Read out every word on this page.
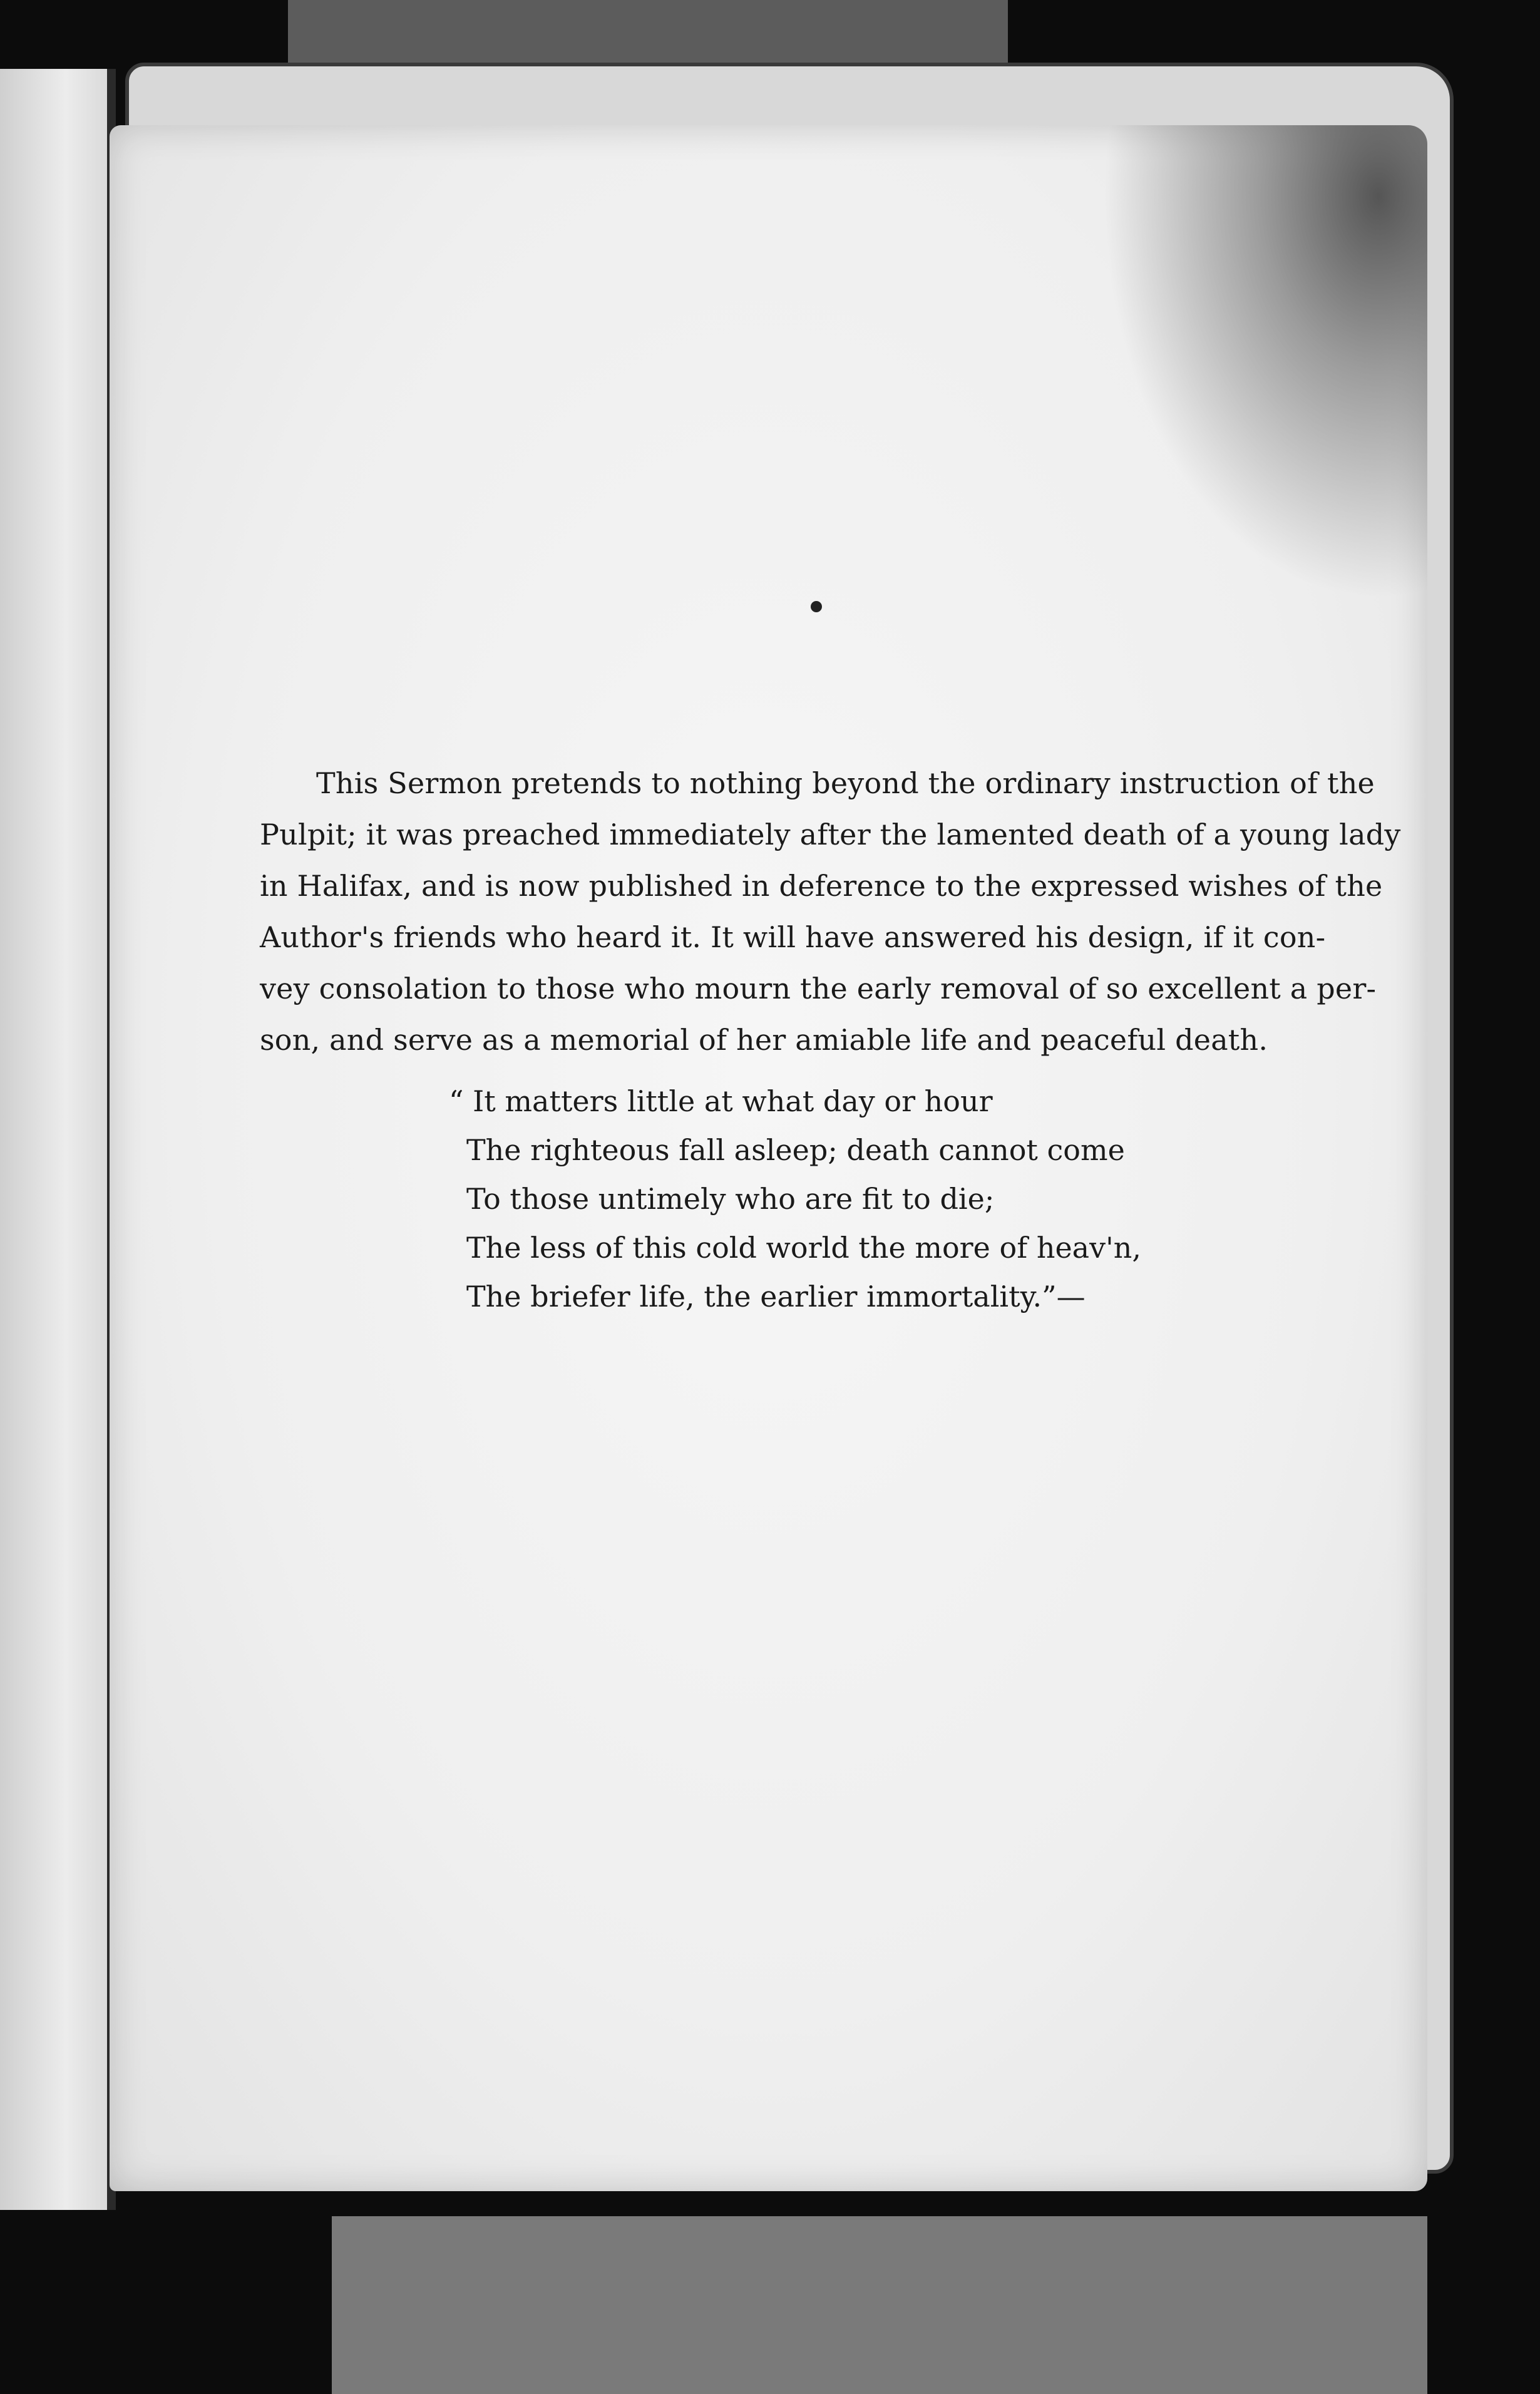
This Sermon pretends to nothing beyond the ordinary instruction of the

Pulpit; it was preached immediately after the lamented death of a young lady

in Halifax, and is now published in deference to the expressed wishes of the

Author's friends who heard it. It will have answered his design, if it con-

vey consolation to those who mourn the early removal of so excellent a per-

son, and serve as a memorial of her amiable life and peaceful death.

“ It matters little at what day or hour

The righteous fall asleep; death cannot come

To those untimely who are fit to die;

The less of this cold world the more of heav'n,

The briefer life, the earlier immortality.”—
